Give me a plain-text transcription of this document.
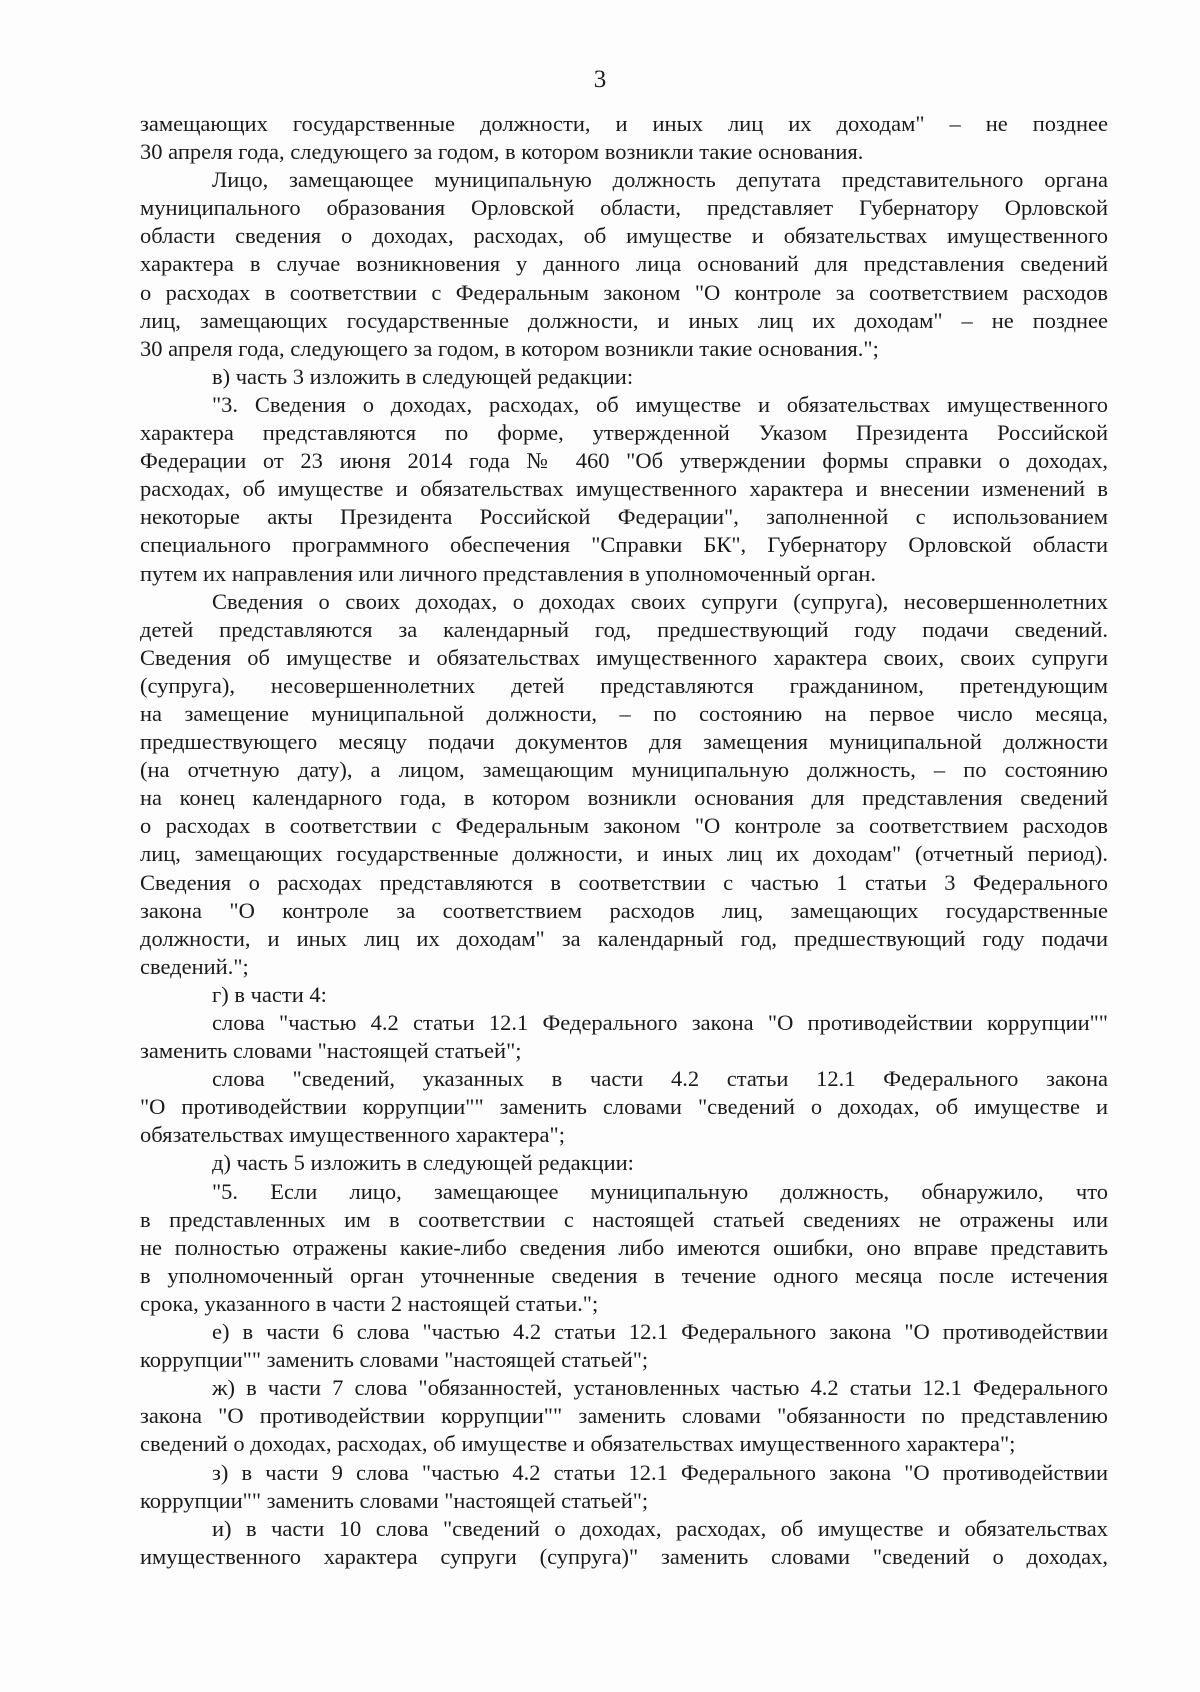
3
замещающих государственные должности, и иных лиц их доходам" – не позднее
30 апреля года, следующего за годом, в котором возникли такие основания.
Лицо, замещающее муниципальную должность депутата представительного органа
муниципального образования Орловской области, представляет Губернатору Орловской
области сведения о доходах, расходах, об имуществе и обязательствах имущественного
характера в случае возникновения у данного лица оснований для представления сведений
о расходах в соответствии с Федеральным законом "О контроле за соответствием расходов
лиц, замещающих государственные должности, и иных лиц их доходам" – не позднее
30 апреля года, следующего за годом, в котором возникли такие основания.";
в) часть 3 изложить в следующей редакции:
"3. Сведения о доходах, расходах, об имуществе и обязательствах имущественного
характера представляются по форме, утвержденной Указом Президента Российской
Федерации от 23 июня 2014 года № 460 "Об утверждении формы справки о доходах,
расходах, об имуществе и обязательствах имущественного характера и внесении изменений в
некоторые акты Президента Российской Федерации", заполненной с использованием
специального программного обеспечения "Справки БК", Губернатору Орловской области
путем их направления или личного представления в уполномоченный орган.
Сведения о своих доходах, о доходах своих супруги (супруга), несовершеннолетних
детей представляются за календарный год, предшествующий году подачи сведений.
Сведения об имуществе и обязательствах имущественного характера своих, своих супруги
(супруга), несовершеннолетних детей представляются гражданином, претендующим
на замещение муниципальной должности, – по состоянию на первое число месяца,
предшествующего месяцу подачи документов для замещения муниципальной должности
(на отчетную дату), а лицом, замещающим муниципальную должность, – по состоянию
на конец календарного года, в котором возникли основания для представления сведений
о расходах в соответствии с Федеральным законом "О контроле за соответствием расходов
лиц, замещающих государственные должности, и иных лиц их доходам" (отчетный период).
Сведения о расходах представляются в соответствии с частью 1 статьи 3 Федерального
закона "О контроле за соответствием расходов лиц, замещающих государственные
должности, и иных лиц их доходам" за календарный год, предшествующий году подачи
сведений.";
г) в части 4:
слова "частью 4.2 статьи 12.1 Федерального закона "О противодействии коррупции""
заменить словами "настоящей статьей";
слова "сведений, указанных в части 4.2 статьи 12.1 Федерального закона
"О противодействии коррупции"" заменить словами "сведений о доходах, об имуществе и
обязательствах имущественного характера";
д) часть 5 изложить в следующей редакции:
"5. Если лицо, замещающее муниципальную должность, обнаружило, что
в представленных им в соответствии с настоящей статьей сведениях не отражены или
не полностью отражены какие-либо сведения либо имеются ошибки, оно вправе представить
в уполномоченный орган уточненные сведения в течение одного месяца после истечения
срока, указанного в части 2 настоящей статьи.";
е) в части 6 слова "частью 4.2 статьи 12.1 Федерального закона "О противодействии
коррупции"" заменить словами "настоящей статьей";
ж) в части 7 слова "обязанностей, установленных частью 4.2 статьи 12.1 Федерального
закона "О противодействии коррупции"" заменить словами "обязанности по представлению
сведений о доходах, расходах, об имуществе и обязательствах имущественного характера";
з) в части 9 слова "частью 4.2 статьи 12.1 Федерального закона "О противодействии
коррупции"" заменить словами "настоящей статьей";
и) в части 10 слова "сведений о доходах, расходах, об имуществе и обязательствах
имущественного характера супруги (супруга)" заменить словами "сведений о доходах,
